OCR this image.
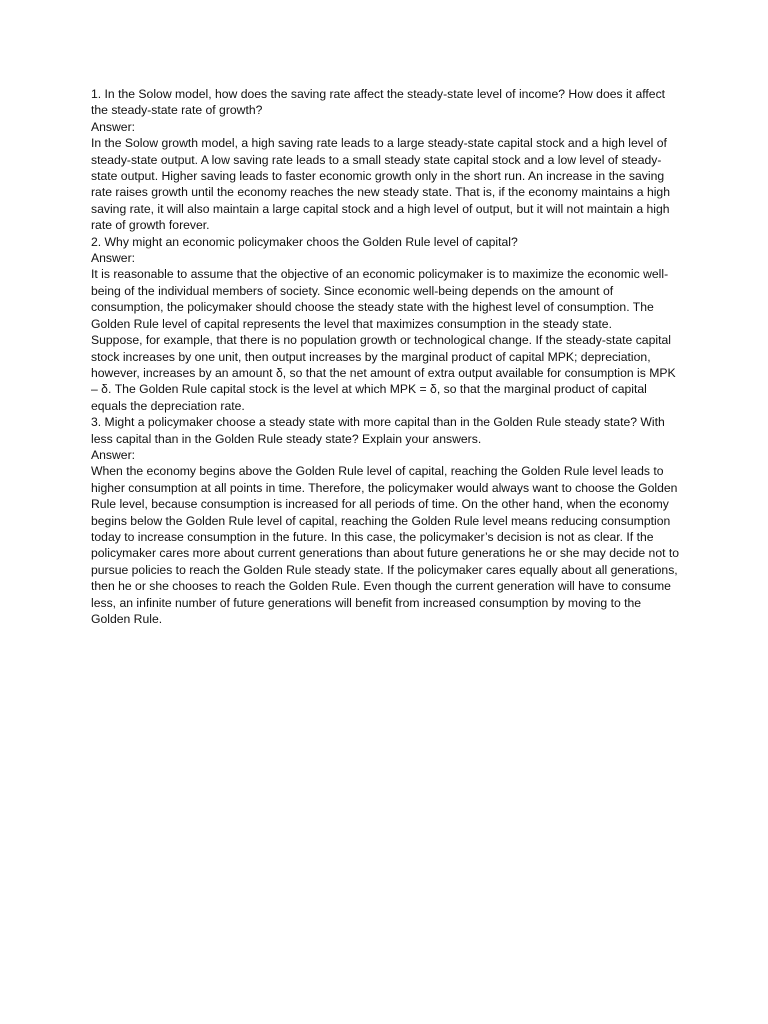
1. In the Solow model, how does the saving rate affect the steady-state level of income? How does it affect the steady-state rate of growth?

Answer:

In the Solow growth model, a high saving rate leads to a large steady-state capital stock and a high level of steady-state output. A low saving rate leads to a small steady state capital stock and a low level of steady-state output. Higher saving leads to faster economic growth only in the short run. An increase in the saving rate raises growth until the economy reaches the new steady state. That is, if the economy maintains a high saving rate, it will also maintain a large capital stock and a high level of output, but it will not maintain a high rate of growth forever.

2. Why might an economic policymaker choos the Golden Rule level of capital?

Answer:

It is reasonable to assume that the objective of an economic policymaker is to maximize the economic well-being of the individual members of society. Since economic well-being depends on the amount of consumption, the policymaker should choose the steady state with the highest level of consumption. The Golden Rule level of capital represents the level that maximizes consumption in the steady state.

Suppose, for example, that there is no population growth or technological change. If the steady-state capital stock increases by one unit, then output increases by the marginal product of capital MPK; depreciation, however, increases by an amount δ, so that the net amount of extra output available for consumption is MPK – δ. The Golden Rule capital stock is the level at which MPK = δ, so that the marginal product of capital equals the depreciation rate.

3. Might a policymaker choose a steady state with more capital than in the Golden Rule steady state? With less capital than in the Golden Rule steady state? Explain your answers.

Answer:

When the economy begins above the Golden Rule level of capital, reaching the Golden Rule level leads to higher consumption at all points in time. Therefore, the policymaker would always want to choose the Golden Rule level, because consumption is increased for all periods of time. On the other hand, when the economy begins below the Golden Rule level of capital, reaching the Golden Rule level means reducing consumption today to increase consumption in the future. In this case, the policymaker’s decision is not as clear. If the policymaker cares more about current generations than about future generations he or she may decide not to pursue policies to reach the Golden Rule steady state. If the policymaker cares equally about all generations, then he or she chooses to reach the Golden Rule. Even though the current generation will have to consume less, an infinite number of future generations will benefit from increased consumption by moving to the Golden Rule.
